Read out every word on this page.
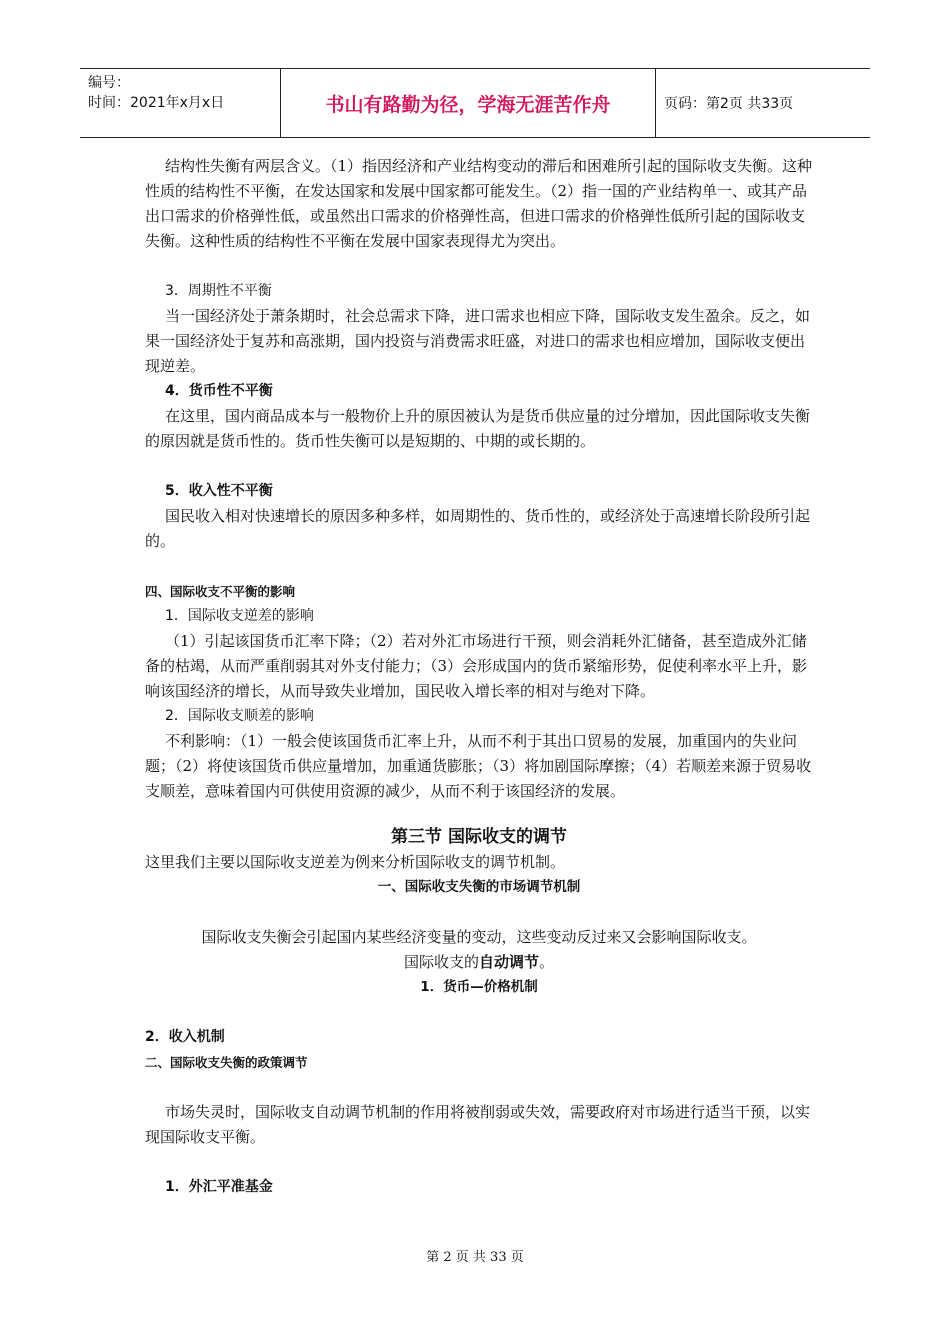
编号：
时间：2021年x月x日	书山有路勤为径，学海无涯苦作舟	页码：第2页 共33页

结构性失衡有两层含义。（1）指因经济和产业结构变动的滞后和困难所引起的国际收支失衡。这种性质的结构性不平衡，在发达国家和发展中国家都可能发生。（2）指一国的产业结构单一、或其产品出口需求的价格弹性低，或虽然出口需求的价格弹性高，但进口需求的价格弹性低所引起的国际收支失衡。这种性质的结构性不平衡在发展中国家表现得尤为突出。

3．周期性不平衡

当一国经济处于萧条期时，社会总需求下降，进口需求也相应下降，国际收支发生盈余。反之，如果一国经济处于复苏和高涨期，国内投资与消费需求旺盛，对进口的需求也相应增加，国际收支便出现逆差。

4．货币性不平衡

在这里，国内商品成本与一般物价上升的原因被认为是货币供应量的过分增加，因此国际收支失衡的原因就是货币性的。货币性失衡可以是短期的、中期的或长期的。

5．收入性不平衡

国民收入相对快速增长的原因多种多样，如周期性的、货币性的，或经济处于高速增长阶段所引起的。

四、国际收支不平衡的影响

1．国际收支逆差的影响

（1）引起该国货币汇率下降；（2）若对外汇市场进行干预，则会消耗外汇储备，甚至造成外汇储备的枯竭，从而严重削弱其对外支付能力；（3）会形成国内的货币紧缩形势，促使利率水平上升，影响该国经济的增长，从而导致失业增加，国民收入增长率的相对与绝对下降。

2．国际收支顺差的影响

不利影响：（1）一般会使该国货币汇率上升，从而不利于其出口贸易的发展，加重国内的失业问题；（2）将使该国货币供应量增加，加重通货膨胀；（3）将加剧国际摩擦；（4）若顺差来源于贸易收支顺差，意味着国内可供使用资源的减少，从而不利于该国经济的发展。

第三节 国际收支的调节

这里我们主要以国际收支逆差为例来分析国际收支的调节机制。

一、国际收支失衡的市场调节机制

国际收支失衡会引起国内某些经济变量的变动，这些变动反过来又会影响国际收支。

国际收支的自动调节。

1．货币—价格机制

2．收入机制

二、国际收支失衡的政策调节

市场失灵时，国际收支自动调节机制的作用将被削弱或失效，需要政府对市场进行适当干预，以实现国际收支平衡。

1．外汇平准基金

第 2 页 共 33 页
